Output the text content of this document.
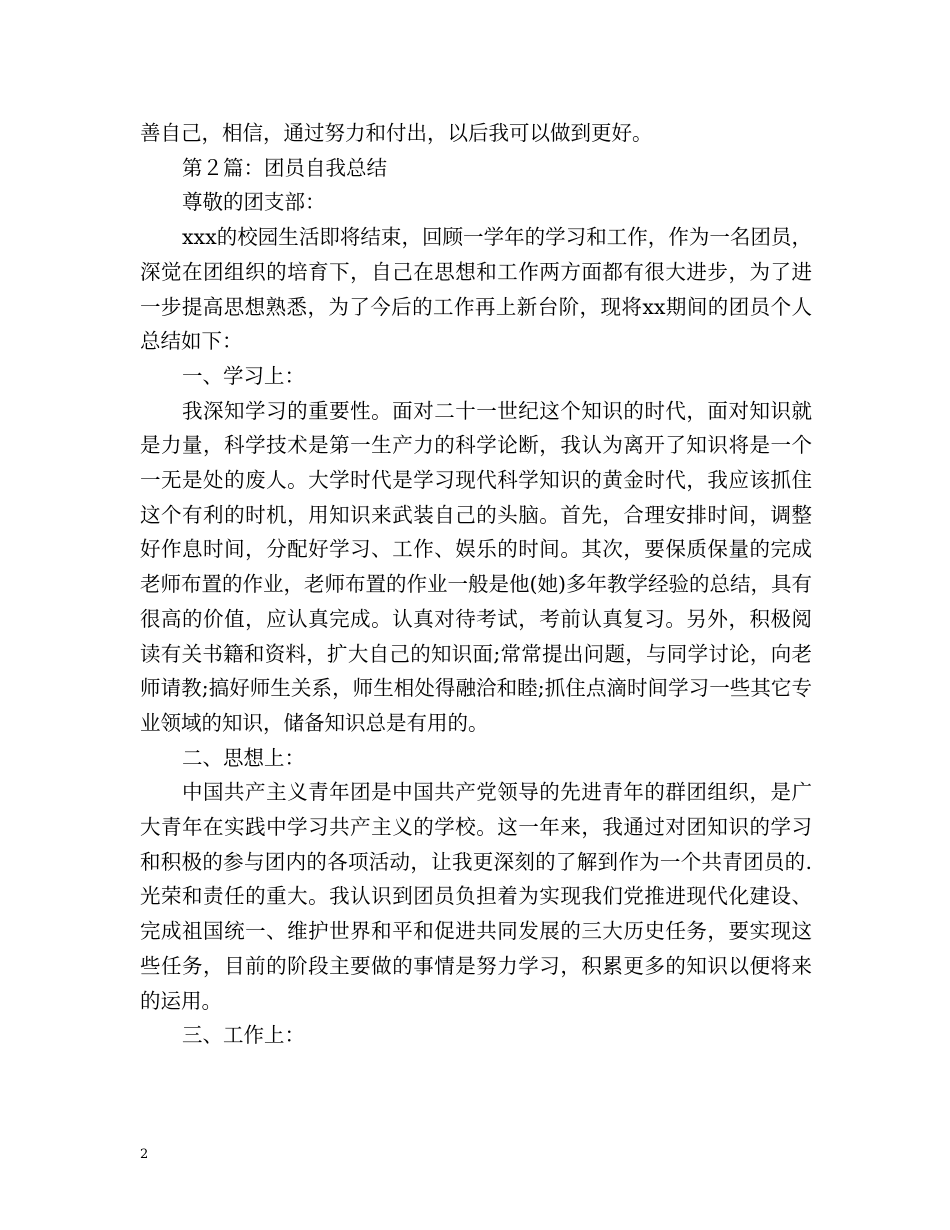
善自己，相信，通过努力和付出，以后我可以做到更好。

第２篇：团员自我总结

尊敬的团支部：

xxx的校园生活即将结束，回顾一学年的学习和工作，作为一名团员，深觉在团组织的培育下，自己在思想和工作两方面都有很大进步，为了进一步提高思想熟悉，为了今后的工作再上新台阶，现将xx期间的团员个人总结如下：

一、学习上：

我深知学习的重要性。面对二十一世纪这个知识的时代，面对知识就是力量，科学技术是第一生产力的科学论断，我认为离开了知识将是一个一无是处的废人。大学时代是学习现代科学知识的黄金时代，我应该抓住这个有利的时机，用知识来武装自己的头脑。首先，合理安排时间，调整好作息时间，分配好学习、工作、娱乐的时间。其次，要保质保量的完成老师布置的作业，老师布置的作业一般是他(她)多年教学经验的总结，具有很高的价值，应认真完成。认真对待考试，考前认真复习。另外，积极阅读有关书籍和资料，扩大自己的知识面;常常提出问题，与同学讨论，向老师请教;搞好师生关系，师生相处得融洽和睦;抓住点滴时间学习一些其它专业领域的知识，储备知识总是有用的。

二、思想上：

中国共产主义青年团是中国共产党领导的先进青年的群团组织，是广大青年在实践中学习共产主义的学校。这一年来，我通过对团知识的学习和积极的参与团内的各项活动，让我更深刻的了解到作为一个共青团员的.光荣和责任的重大。我认识到团员负担着为实现我们党推进现代化建设、完成祖国统一、维护世界和平和促进共同发展的三大历史任务，要实现这些任务，目前的阶段主要做的事情是努力学习，积累更多的知识以便将来的运用。

三、工作上：

2
